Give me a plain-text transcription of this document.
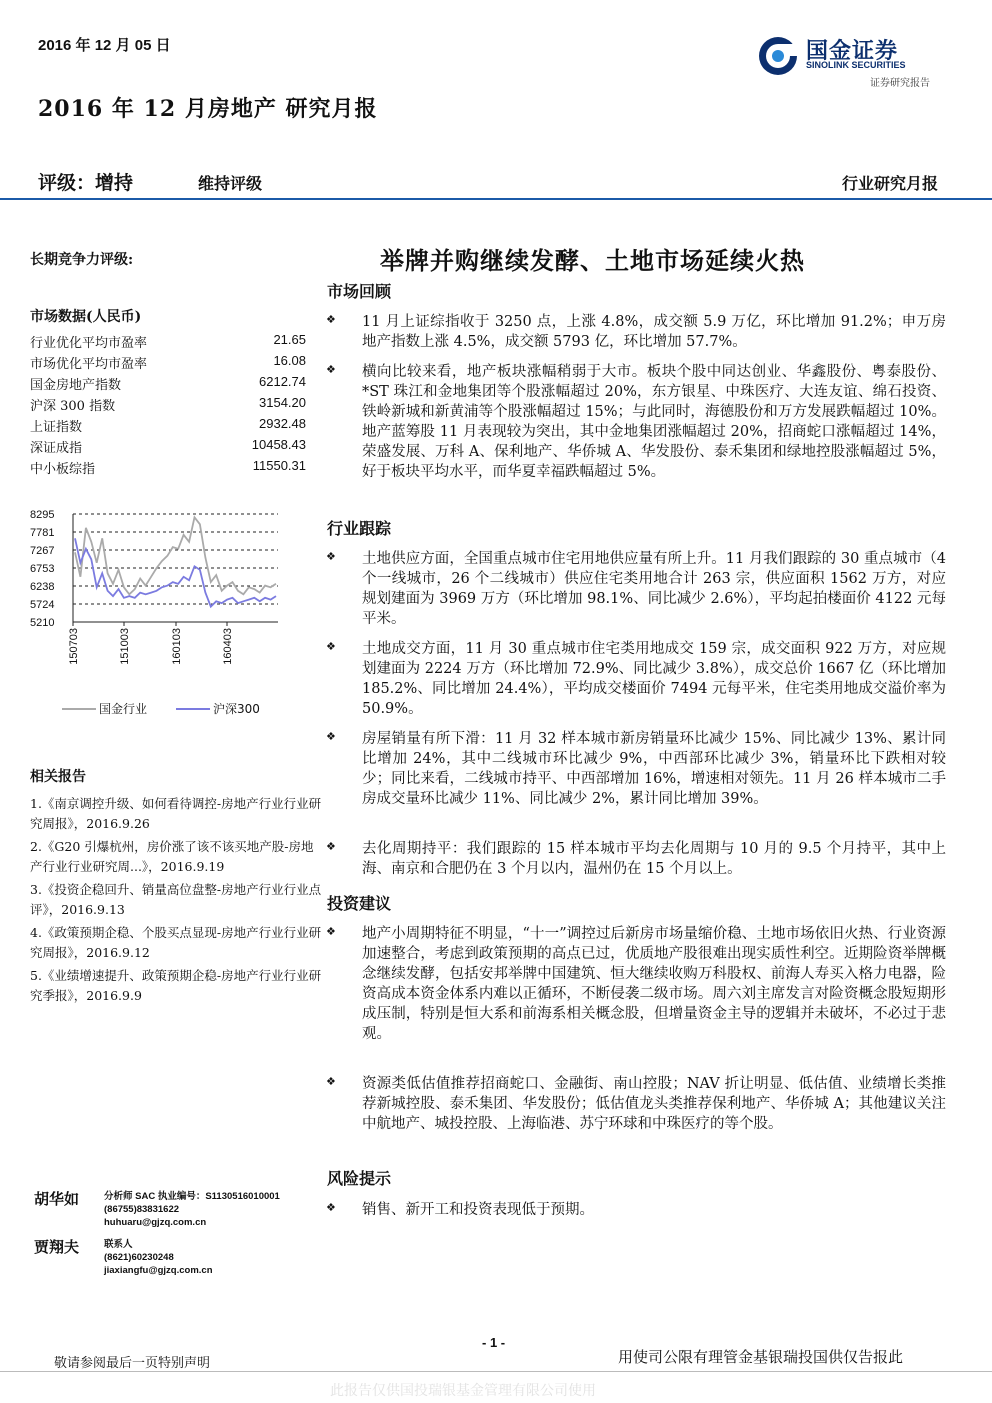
2016 年 12 月 05 日
2016 年 12 月房地产 研究月报
国金证券
SINOLINK SECURITIES
证券研究报告
评级：增持	维持评级	行业研究月报
长期竞争力评级:
市场数据(人民币)
行业优化平均市盈率	21.65
市场优化平均市盈率	16.08
国金房地产指数	6212.74
沪深 300 指数	3154.20
上证指数	2932.48
深证成指	10458.43
中小板综指	11550.31
8295
7781
7267
6753
6238
5724
5210
150703	151003	160103	160403
国金行业	沪深300
相关报告
1.《南京调控升级、如何看待调控-房地产行业行业研究周报》，2016.9.26
2.《G20 引爆杭州，房价涨了该不该买地产股-房地产行业行业研究周...》，2016.9.19
3.《投资企稳回升、销量高位盘整-房地产行业行业点评》，2016.9.13
4.《政策预期企稳、个股买点显现-房地产行业行业研究周报》，2016.9.12
5.《业绩增速提升、政策预期企稳-房地产行业行业研究季报》，2016.9.9
胡华如	分析师 SAC 执业编号：S1130516010001
(86755)83831622
huhuaru@gjzq.com.cn
贾翔夫	联系人
(8621)60230248
jiaxiangfu@gjzq.com.cn
举牌并购继续发酵、土地市场延续火热
市场回顾
❖ 11 月上证综指收于 3250 点，上涨 4.8%，成交额 5.9 万亿，环比增加 91.2%；申万房地产指数上涨 4.5%，成交额 5793 亿，环比增加 57.7%。
❖ 横向比较来看，地产板块涨幅稍弱于大市。板块个股中同达创业、华鑫股份、粤泰股份、*ST 珠江和金地集团等个股涨幅超过 20%，东方银星、中珠医疗、大连友谊、绵石投资、铁岭新城和新黄浦等个股涨幅超过 15%；与此同时，海德股份和万方发展跌幅超过 10%。地产蓝筹股 11 月表现较为突出，其中金地集团涨幅超过 20%，招商蛇口涨幅超过 14%，荣盛发展、万科 A、保利地产、华侨城 A、华发股份、泰禾集团和绿地控股涨幅超过 5%，好于板块平均水平，而华夏幸福跌幅超过 5%。
行业跟踪
❖ 土地供应方面，全国重点城市住宅用地供应量有所上升。11 月我们跟踪的 30 重点城市（4 个一线城市，26 个二线城市）供应住宅类用地合计 263 宗，供应面积 1562 万方，对应规划建面为 3969 万方（环比增加 98.1%、同比减少 2.6%），平均起拍楼面价 4122 元每平米。
❖ 土地成交方面，11 月 30 重点城市住宅类用地成交 159 宗，成交面积 922 万方，对应规划建面为 2224 万方（环比增加 72.9%、同比减少 3.8%），成交总价 1667 亿（环比增加 185.2%、同比增加 24.4%），平均成交楼面价 7494 元每平米，住宅类用地成交溢价率为 50.9%。
❖ 房屋销量有所下滑：11 月 32 样本城市新房销量环比减少 15%、同比减少 13%、累计同比增加 24%，其中二线城市环比减少 9%，中西部环比减少 3%，销量环比下跌相对较少；同比来看，二线城市持平、中西部增加 16%，增速相对领先。11 月 26 样本城市二手房成交量环比减少 11%、同比减少 2%，累计同比增加 39%。
❖ 去化周期持平：我们跟踪的 15 样本城市平均去化周期与 10 月的 9.5 个月持平，其中上海、南京和合肥仍在 3 个月以内，温州仍在 15 个月以上。
投资建议
❖ 地产小周期特征不明显，“十一”调控过后新房市场量缩价稳、土地市场依旧火热、行业资源加速整合，考虑到政策预期的高点已过，优质地产股很难出现实质性利空。近期险资举牌概念继续发酵，包括安邦举牌中国建筑、恒大继续收购万科股权、前海人寿买入格力电器，险资高成本资金体系内难以正循环，不断侵袭二级市场。周六刘主席发言对险资概念股短期形成压制，特别是恒大系和前海系相关概念股，但增量资金主导的逻辑并未破坏，不必过于悲观。
❖ 资源类低估值推荐招商蛇口、金融街、南山控股；NAV 折让明显、低估值、业绩增长类推荐新城控股、泰禾集团、华发股份；低估值龙头类推荐保利地产、华侨城 A；其他建议关注中航地产、城投控股、上海临港、苏宁环球和中珠医疗的等个股。
风险提示
❖ 销售、新开工和投资表现低于预期。
- 1 -
敬请参阅最后一页特别声明	用使司公限有理管金基银瑞投国供仅告报此
此报告仅供国投瑞银基金管理有限公司使用
